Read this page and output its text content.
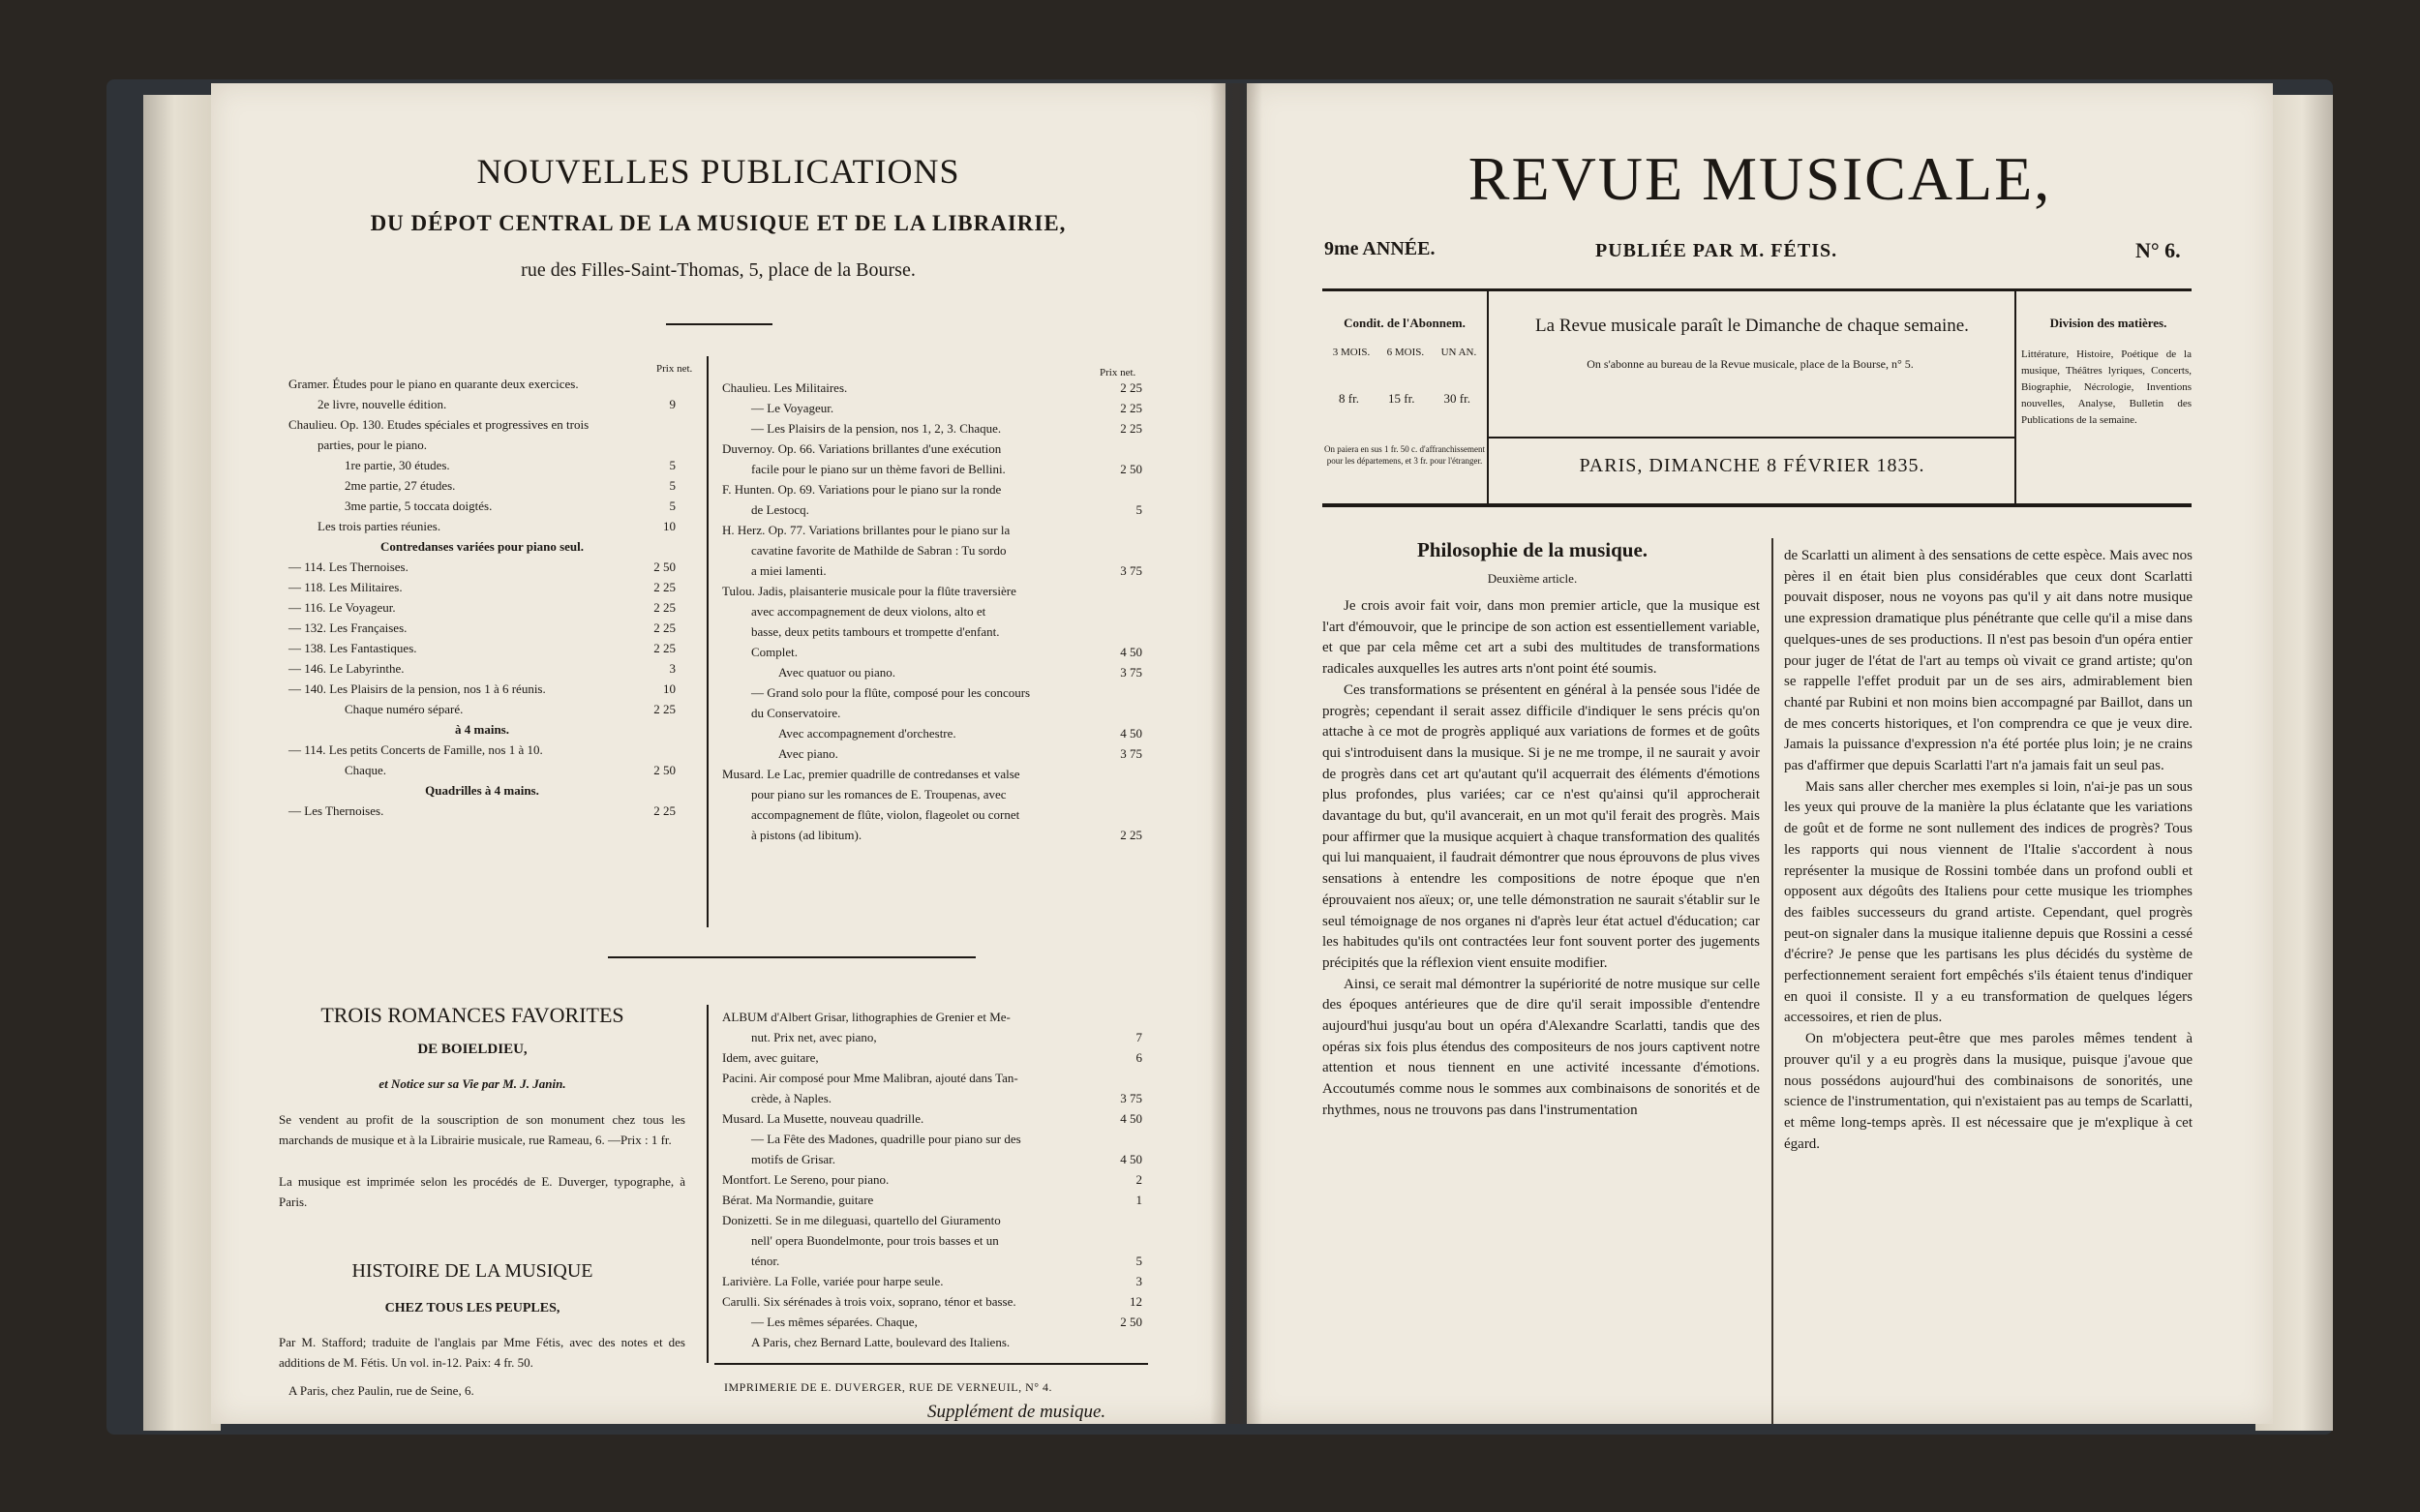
NOUVELLES PUBLICATIONS
DU DÉPOT CENTRAL DE LA MUSIQUE ET DE LA LIBRAIRIE,
rue des Filles-Saint-Thomas, 5, place de la Bourse.
Prix net.	Prix net.
Gramer. Études pour le piano en quarante deux exercices.
2e livre, nouvelle édition.	9
Chaulieu. Op. 130. Etudes spéciales et progressives en trois
parties, pour le piano.
1re partie, 30 études.	5
2me partie, 27 études.	5
3me partie, 5 toccata doigtés.	5
Les trois parties réunies.	10
Contredanses variées pour piano seul.
— 114. Les Thernoises.	2 50
— 118. Les Militaires.	2 25
— 116. Le Voyageur.	2 25
— 132. Les Françaises.	2 25
— 138. Les Fantastiques.	2 25
— 146. Le Labyrinthe.	3
— 140. Les Plaisirs de la pension, nos 1 à 6 réunis.	10
Chaque numéro séparé.	2 25
à 4 mains.
— 114. Les petits Concerts de Famille, nos 1 à 10.
Chaque.	2 50
Quadrilles à 4 mains.
— Les Thernoises.	2 25
Chaulieu. Les Militaires.	2 25
— Le Voyageur.	2 25
— Les Plaisirs de la pension, nos 1, 2, 3. Chaque.	2 25
Duvernoy. Op. 66. Variations brillantes d'une exécution
facile pour le piano sur un thème favori de Bellini.	2 50
F. Hunten. Op. 69. Variations pour le piano sur la ronde
de Lestocq.	5
H. Herz. Op. 77. Variations brillantes pour le piano sur la
cavatine favorite de Mathilde de Sabran : Tu sordo
a miei lamenti.	3 75
Tulou. Jadis, plaisanterie musicale pour la flûte traversière
avec accompagnement de deux violons, alto et
basse, deux petits tambours et trompette d'enfant.
Complet.	4 50
Avec quatuor ou piano.	3 75
— Grand solo pour la flûte, composé pour les concours
du Conservatoire.
Avec accompagnement d'orchestre.	4 50
Avec piano.	3 75
Musard. Le Lac, premier quadrille de contredanses et valse
pour piano sur les romances de E. Troupenas, avec
accompagnement de flûte, violon, flageolet ou cornet
à pistons (ad libitum).	2 25
TROIS ROMANCES FAVORITES
DE BOIELDIEU,
et Notice sur sa Vie par M. J. Janin.
Se vendent au profit de la souscription de son monument chez tous les marchands de musique et à la Librairie musicale, rue Rameau, 6. —Prix : 1 fr.
La musique est imprimée selon les procédés de E. Duverger, typographe, à Paris.
HISTOIRE DE LA MUSIQUE
CHEZ TOUS LES PEUPLES,
Par M. Stafford; traduite de l'anglais par Mme Fétis, avec des notes et des additions de M. Fétis. Un vol. in-12. Paix: 4 fr. 50.
A Paris, chez Paulin, rue de Seine, 6.
ALBUM d'Albert Grisar, lithographies de Grenier et Me-
nut. Prix net, avec piano,	7
Idem, avec guitare,	6
Pacini. Air composé pour Mme Malibran, ajouté dans Tan-
crède, à Naples.	3 75
Musard. La Musette, nouveau quadrille.	4 50
— La Fête des Madones, quadrille pour piano sur des
motifs de Grisar.	4 50
Montfort. Le Sereno, pour piano.	2
Bérat. Ma Normandie, guitare	1
Donizetti. Se in me dileguasi, quartello del Giuramento
nell' opera Buondelmonte, pour trois basses et un
ténor.	5
Larivière. La Folle, variée pour harpe seule.	3
Carulli. Six sérénades à trois voix, soprano, ténor et basse.	12
— Les mêmes séparées. Chaque,	2 50
A Paris, chez Bernard Latte, boulevard des Italiens.
IMPRIMERIE DE E. DUVERGER, RUE DE VERNEUIL, N° 4.
Supplément de musique.
REVUE MUSICALE,
9me ANNÉE.	PUBLIÉE PAR M. FÉTIS.	N° 6.
Condit. de l'Abonnem.
3 MOIS. 6 MOIS. UN AN.
8 fr. 15 fr. 30 fr.
On paiera en sus 1 fr. 50 c. d'affranchissement pour les départemens, et 3 fr. pour l'étranger.
La Revue musicale paraît le Dimanche de chaque semaine.
On s'abonne au bureau de la Revue musicale, place de la Bourse, n° 5.
PARIS, DIMANCHE 8 FÉVRIER 1835.
Division des matières.
Littérature, Histoire, Poétique de la musique, Théâtres lyriques, Concerts, Biographie, Nécrologie, Inventions nouvelles, Analyse, Bulletin des Publications de la semaine.
Philosophie de la musique.
Deuxième article.

Je crois avoir fait voir, dans mon premier article, que la musique est l'art d'émouvoir, que le principe de son action est essentiellement variable, et que par cela même cet art a subi des multitudes de transformations radicales auxquelles les autres arts n'ont point été soumis.

Ces transformations se présentent en général à la pensée sous l'idée de progrès; cependant il serait assez difficile d'indiquer le sens précis qu'on attache à ce mot de progrès appliqué aux variations de formes et de goûts qui s'introduisent dans la musique. Si je ne me trompe, il ne saurait y avoir de progrès dans cet art qu'autant qu'il acquerrait des éléments d'émotions plus profondes, plus variées; car ce n'est qu'ainsi qu'il approcherait davantage du but, qu'il avancerait, en un mot qu'il ferait des progrès. Mais pour affirmer que la musique acquiert à chaque transformation des qualités qui lui manquaient, il faudrait démontrer que nous éprouvons de plus vives sensations à entendre les compositions de notre époque que n'en éprouvaient nos aïeux; or, une telle démonstration ne saurait s'établir sur le seul témoignage de nos organes ni d'après leur état actuel d'éducation; car les habitudes qu'ils ont contractées leur font souvent porter des jugements précipités que la réflexion vient ensuite modifier.

Ainsi, ce serait mal démontrer la supériorité de notre musique sur celle des époques antérieures que de dire qu'il serait impossible d'entendre aujourd'hui jusqu'au bout un opéra d'Alexandre Scarlatti, tandis que des opéras six fois plus étendus des compositeurs de nos jours captivent notre attention et nous tiennent en une activité incessante d'émotions. Accoutumés comme nous le sommes aux combinaisons de sonorités et de rhythmes, nous ne trouvons pas dans l'instrumentation

de Scarlatti un aliment à des sensations de cette espèce. Mais avec nos pères il en était bien plus considérables que ceux dont Scarlatti pouvait disposer, nous ne voyons pas qu'il y ait dans notre musique une expression dramatique plus pénétrante que celle qu'il a mise dans quelques-unes de ses productions. Il n'est pas besoin d'un opéra entier pour juger de l'état de l'art au temps où vivait ce grand artiste; qu'on se rappelle l'effet produit par un de ses airs, admirablement bien chanté par Rubini et non moins bien accompagné par Baillot, dans un de mes concerts historiques, et l'on comprendra ce que je veux dire. Jamais la puissance d'expression n'a été portée plus loin; je ne crains pas d'affirmer que depuis Scarlatti l'art n'a jamais fait un seul pas.

Mais sans aller chercher mes exemples si loin, n'ai-je pas un sous les yeux qui prouve de la manière la plus éclatante que les variations de goût et de forme ne sont nullement des indices de progrès? Tous les rapports qui nous viennent de l'Italie s'accordent à nous représenter la musique de Rossini tombée dans un profond oubli et opposent aux dégoûts des Italiens pour cette musique les triomphes des faibles successeurs du grand artiste. Cependant, quel progrès peut-on signaler dans la musique italienne depuis que Rossini a cessé d'écrire? Je pense que les partisans les plus décidés du système de perfectionnement seraient fort empêchés s'ils étaient tenus d'indiquer en quoi il consiste. Il y a eu transformation de quelques légers accessoires, et rien de plus.

On m'objectera peut-être que mes paroles mêmes tendent à prouver qu'il y a eu progrès dans la musique, puisque j'avoue que nous possédons aujourd'hui des combinaisons de sonorités, une science de l'instrumentation, qui n'existaient pas au temps de Scarlatti, et même long-temps après. Il est nécessaire que je m'explique à cet égard.
